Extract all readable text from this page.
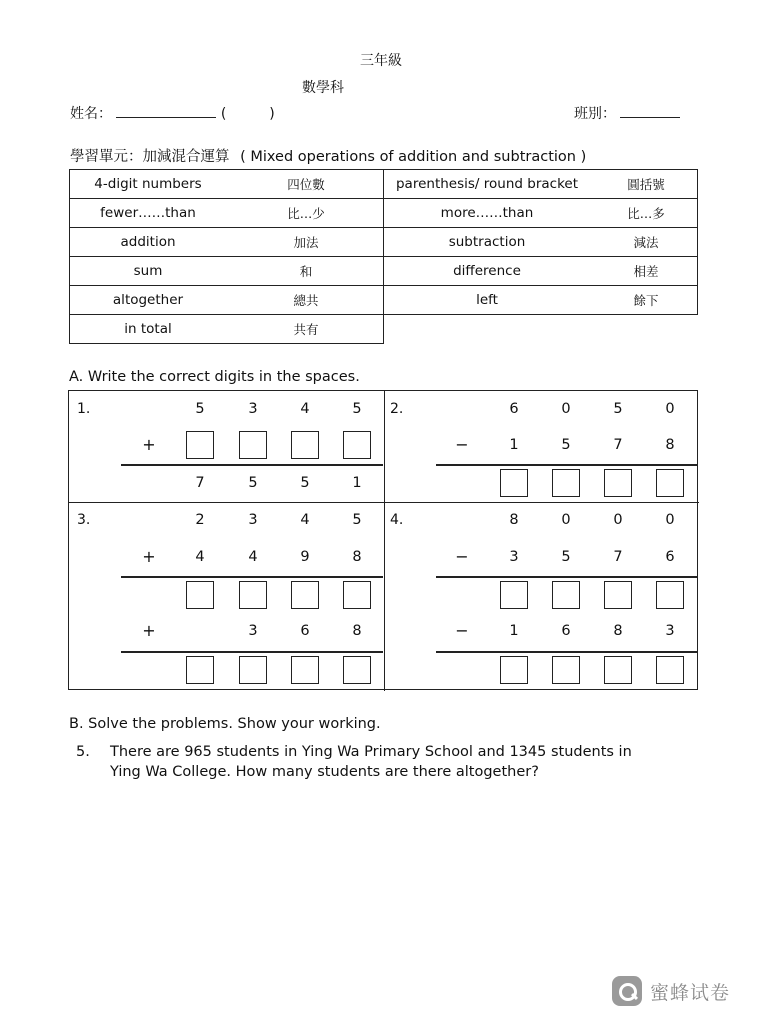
三年級
數學科
姓名：	(	)	班別：
學習單元：加減混合運算 ( Mixed operations of addition and subtraction )
4-digit numbers	四位數	parenthesis/ round bracket	圓括號
fewer……than	比…少	more……than	比…多
addition	加法	subtraction	減法
sum	和	difference	相差
altogether	總共	left	餘下
in total	共有
A. Write the correct digits in the spaces.
1.	5	3	4	5
+
7	5	5	1
2.	6	0	5	0
−	1	5	7	8
3.	2	3	4	5
+	4	4	9	8
+	3	6	8
4.	8	0	0	0
−	3	5	7	6
−	1	6	8	3
B. Solve the problems. Show your working.
5. There are 965 students in Ying Wa Primary School and 1345 students in
Ying Wa College. How many students are there altogether?
蜜蜂试卷
